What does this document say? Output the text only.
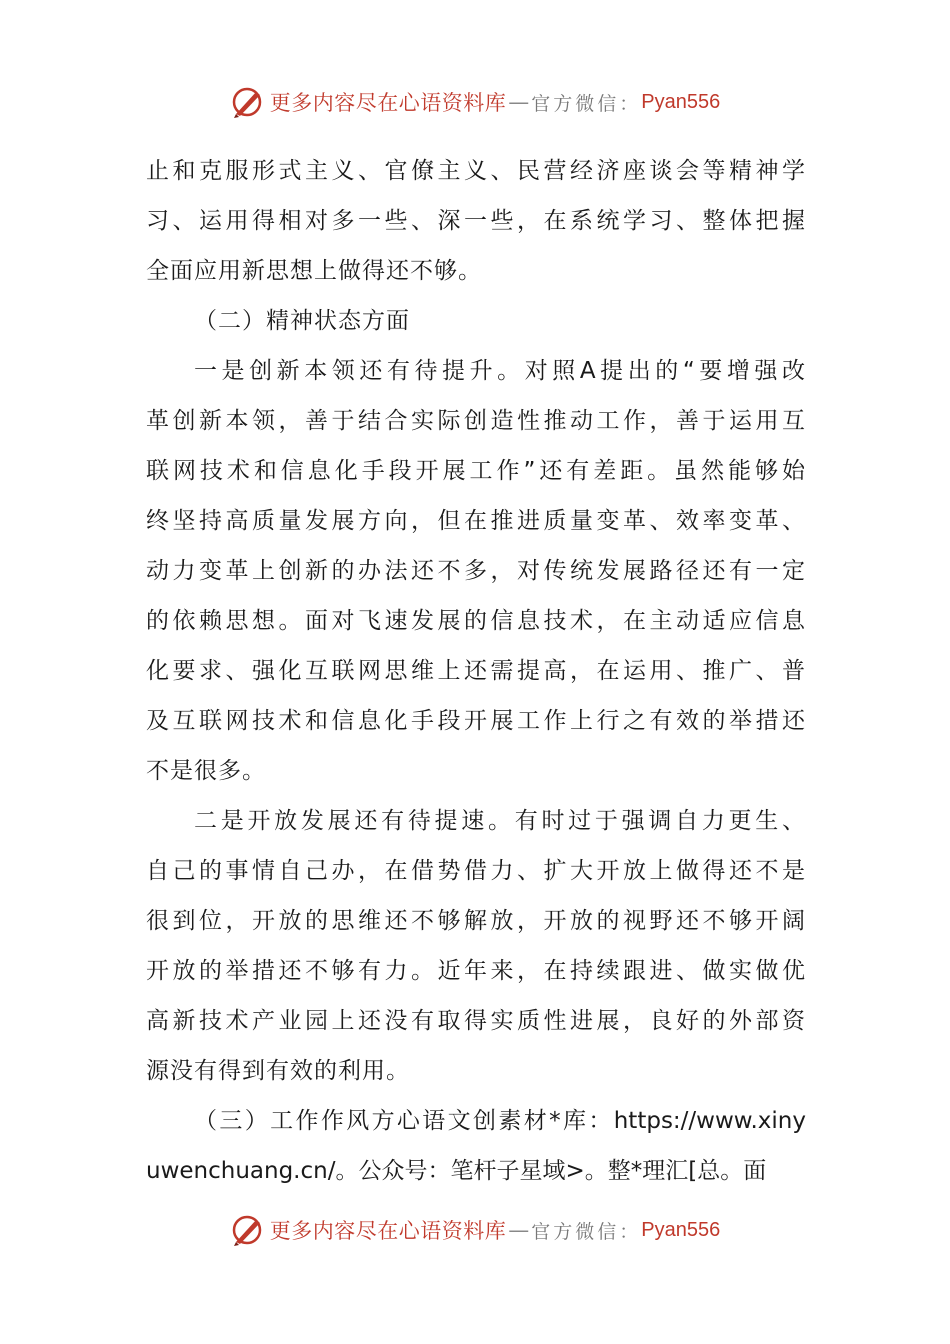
更多内容尽在心语资料库 — 官方微信： Pyan556
止和克服形式主义、官僚主义、民营经济座谈会等精神学
习、运用得相对多一些、深一些，在系统学习、整体把握
全面应用新思想上做得还不够。
（二）精神状态方面
一是创新本领还有待提升。对照A提出的“要增强改
革创新本领，善于结合实际创造性推动工作，善于运用互
联网技术和信息化手段开展工作”还有差距。虽然能够始
终坚持高质量发展方向，但在推进质量变革、效率变革、
动力变革上创新的办法还不多，对传统发展路径还有一定
的依赖思想。面对飞速发展的信息技术，在主动适应信息
化要求、强化互联网思维上还需提高，在运用、推广、普
及互联网技术和信息化手段开展工作上行之有效的举措还
不是很多。
二是开放发展还有待提速。有时过于强调自力更生、
自己的事情自己办，在借势借力、扩大开放上做得还不是
很到位，开放的思维还不够解放，开放的视野还不够开阔
开放的举措还不够有力。近年来，在持续跟进、做实做优
高新技术产业园上还没有取得实质性进展，良好的外部资
源没有得到有效的利用。
（三）工作作风方心语文创素材*库：https://www.xiny
uwenchuang.cn/。公众号：笔杆子星域>。整*理汇[总。面
更多内容尽在心语资料库 — 官方微信： Pyan556
